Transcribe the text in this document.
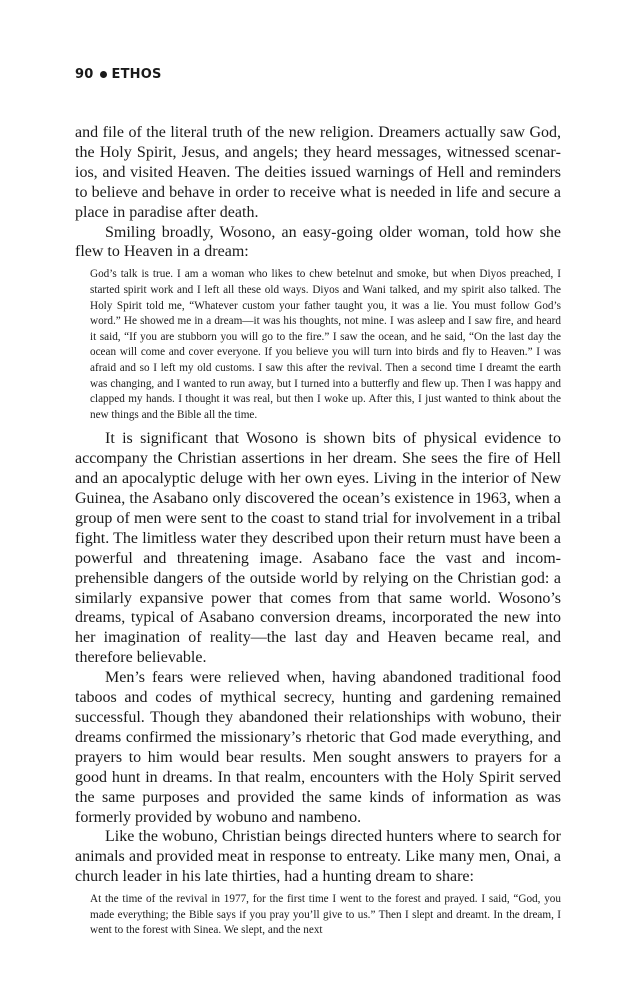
90 ETHOS

and file of the literal truth of the new religion. Dreamers actually saw God, the Holy Spirit, Jesus, and angels; they heard messages, witnessed scenarios, and visited Heaven. The deities issued warnings of Hell and reminders to believe and behave in order to receive what is needed in life and secure a place in paradise after death.

Smiling broadly, Wosono, an easy-going older woman, told how she flew to Heaven in a dream:

God’s talk is true. I am a woman who likes to chew betelnut and smoke, but when Diyos preached, I started spirit work and I left all these old ways. Diyos and Wani talked, and my spirit also talked. The Holy Spirit told me, “Whatever custom your father taught you, it was a lie. You must follow God’s word.” He showed me in a dream—it was his thoughts, not mine. I was asleep and I saw fire, and heard it said, “If you are stubborn you will go to the fire.” I saw the ocean, and he said, “On the last day the ocean will come and cover everyone. If you believe you will turn into birds and fly to Heaven.” I was afraid and so I left my old customs. I saw this after the revival. Then a second time I dreamt the earth was changing, and I wanted to run away, but I turned into a butterfly and flew up. Then I was happy and clapped my hands. I thought it was real, but then I woke up. After this, I just wanted to think about the new things and the Bible all the time.

It is significant that Wosono is shown bits of physical evidence to accompany the Christian assertions in her dream. She sees the fire of Hell and an apocalyptic deluge with her own eyes. Living in the interior of New Guinea, the Asabano only discovered the ocean’s existence in 1963, when a group of men were sent to the coast to stand trial for involvement in a tribal fight. The limitless water they described upon their return must have been a powerful and threatening image. Asabano face the vast and incomprehensible dangers of the outside world by relying on the Christian god: a similarly expansive power that comes from that same world. Wosono’s dreams, typical of Asabano conversion dreams, incorporated the new into her imagination of reality—the last day and Heaven became real, and therefore believable.

Men’s fears were relieved when, having abandoned traditional food taboos and codes of mythical secrecy, hunting and gardening remained successful. Though they abandoned their relationships with wobuno, their dreams confirmed the missionary’s rhetoric that God made everything, and prayers to him would bear results. Men sought answers to prayers for a good hunt in dreams. In that realm, encounters with the Holy Spirit served the same purposes and provided the same kinds of information as was formerly provided by wobuno and nambeno.

Like the wobuno, Christian beings directed hunters where to search for animals and provided meat in response to entreaty. Like many men, Onai, a church leader in his late thirties, had a hunting dream to share:

At the time of the revival in 1977, for the first time I went to the forest and prayed. I said, “God, you made everything; the Bible says if you pray you’ll give to us.” Then I slept and dreamt. In the dream, I went to the forest with Sinea. We slept, and the next
